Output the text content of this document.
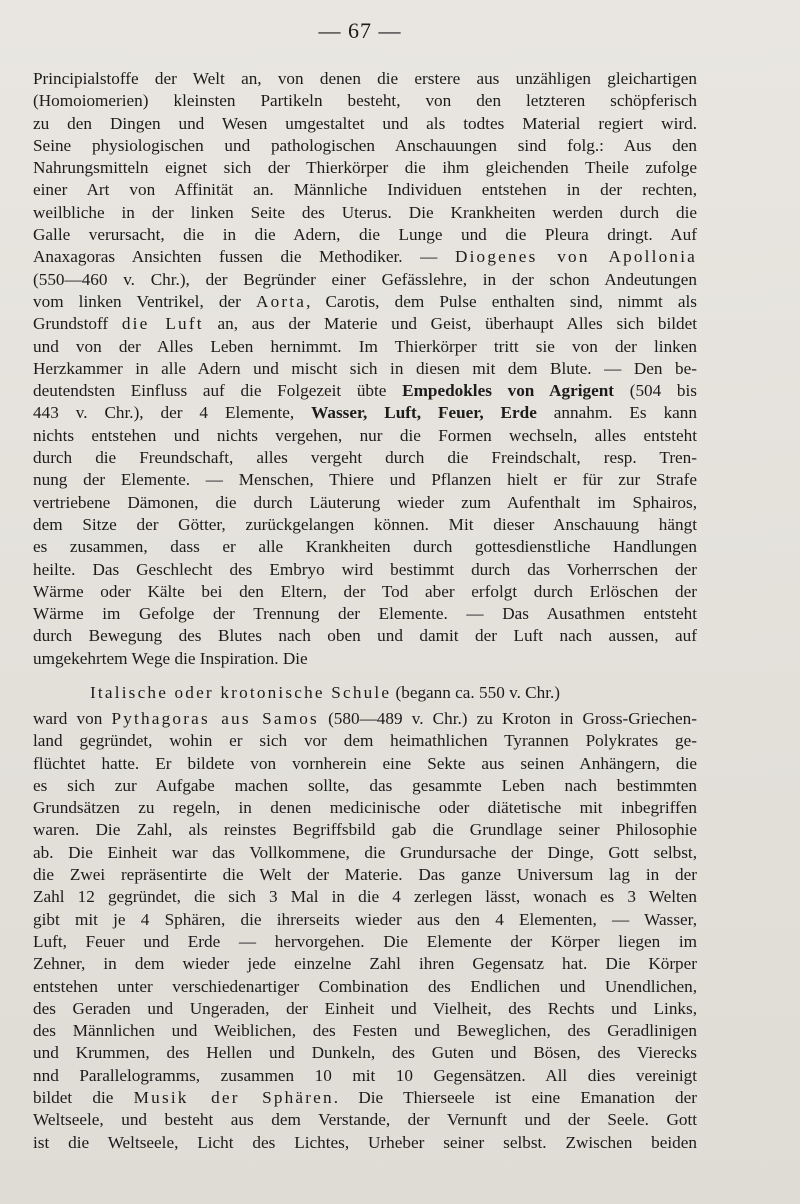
— 67 —
Principialstoffe der Welt an, von denen die erstere aus unzähligen gleichartigen
(Homoiomerien) kleinsten Partikeln besteht, von den letzteren schöpferisch
zu den Dingen und Wesen umgestaltet und als todtes Material regiert wird.
Seine physiologischen und pathologischen Anschauungen sind folg.: Aus den
Nahrungsmitteln eignet sich der Thierkörper die ihm gleichenden Theile zufolge
einer Art von Affinität an. Männliche Individuen entstehen in der rechten,
weilbliche in der linken Seite des Uterus. Die Krankheiten werden durch die
Galle verursacht, die in die Adern, die Lunge und die Pleura dringt. Auf
Anaxagoras Ansichten fussen die Methodiker. — Diogenes von Apollonia
(550—460 v. Chr.), der Begründer einer Gefässlehre, in der schon Andeutungen
vom linken Ventrikel, der Aorta, Carotis, dem Pulse enthalten sind, nimmt als
Grundstoff die Luft an, aus der Materie und Geist, überhaupt Alles sich bildet
und von der Alles Leben hernimmt. Im Thierkörper tritt sie von der linken
Herzkammer in alle Adern und mischt sich in diesen mit dem Blute. — Den be-
deutendsten Einfluss auf die Folgezeit übte Empedokles von Agrigent (504 bis
443 v. Chr.), der 4 Elemente, Wasser, Luft, Feuer, Erde annahm. Es kann
nichts entstehen und nichts vergehen, nur die Formen wechseln, alles entsteht
durch die Freundschaft, alles vergeht durch die Freindschalt, resp. Tren-
nung der Elemente. — Menschen, Thiere und Pflanzen hielt er für zur Strafe
vertriebene Dämonen, die durch Läuterung wieder zum Aufenthalt im Sphairos,
dem Sitze der Götter, zurückgelangen können. Mit dieser Anschauung hängt
es zusammen, dass er alle Krankheiten durch gottesdienstliche Handlungen
heilte. Das Geschlecht des Embryo wird bestimmt durch das Vorherrschen der
Wärme oder Kälte bei den Eltern, der Tod aber erfolgt durch Erlöschen der
Wärme im Gefolge der Trennung der Elemente. — Das Ausathmen entsteht
durch Bewegung des Blutes nach oben und damit der Luft nach aussen, auf
umgekehrtem Wege die Inspiration. Die
Italische oder krotonische Schule (begann ca. 550 v. Chr.)
ward von Pythagoras aus Samos (580—489 v. Chr.) zu Kroton in Gross-Griechen-
land gegründet, wohin er sich vor dem heimathlichen Tyrannen Polykrates ge-
flüchtet hatte. Er bildete von vornherein eine Sekte aus seinen Anhängern, die
es sich zur Aufgabe machen sollte, das gesammte Leben nach bestimmten
Grundsätzen zu regeln, in denen medicinische oder diätetische mit inbegriffen
waren. Die Zahl, als reinstes Begriffsbild gab die Grundlage seiner Philosophie
ab. Die Einheit war das Vollkommene, die Grundursache der Dinge, Gott selbst,
die Zwei repräsentirte die Welt der Materie. Das ganze Universum lag in der
Zahl 12 gegründet, die sich 3 Mal in die 4 zerlegen lässt, wonach es 3 Welten
gibt mit je 4 Sphären, die ihrerseits wieder aus den 4 Elementen, — Wasser,
Luft, Feuer und Erde — hervorgehen. Die Elemente der Körper liegen im
Zehner, in dem wieder jede einzelne Zahl ihren Gegensatz hat. Die Körper
entstehen unter verschiedenartiger Combination des Endlichen und Unendlichen,
des Geraden und Ungeraden, der Einheit und Vielheit, des Rechts und Links,
des Männlichen und Weiblichen, des Festen und Beweglichen, des Geradlinigen
und Krummen, des Hellen und Dunkeln, des Guten und Bösen, des Vierecks
nnd Parallelogramms, zusammen 10 mit 10 Gegensätzen. All dies vereinigt
bildet die Musik der Sphären. Die Thierseele ist eine Emanation der
Weltseele, und besteht aus dem Verstande, der Vernunft und der Seele. Gott
ist die Weltseele, Licht des Lichtes, Urheber seiner selbst. Zwischen beiden
